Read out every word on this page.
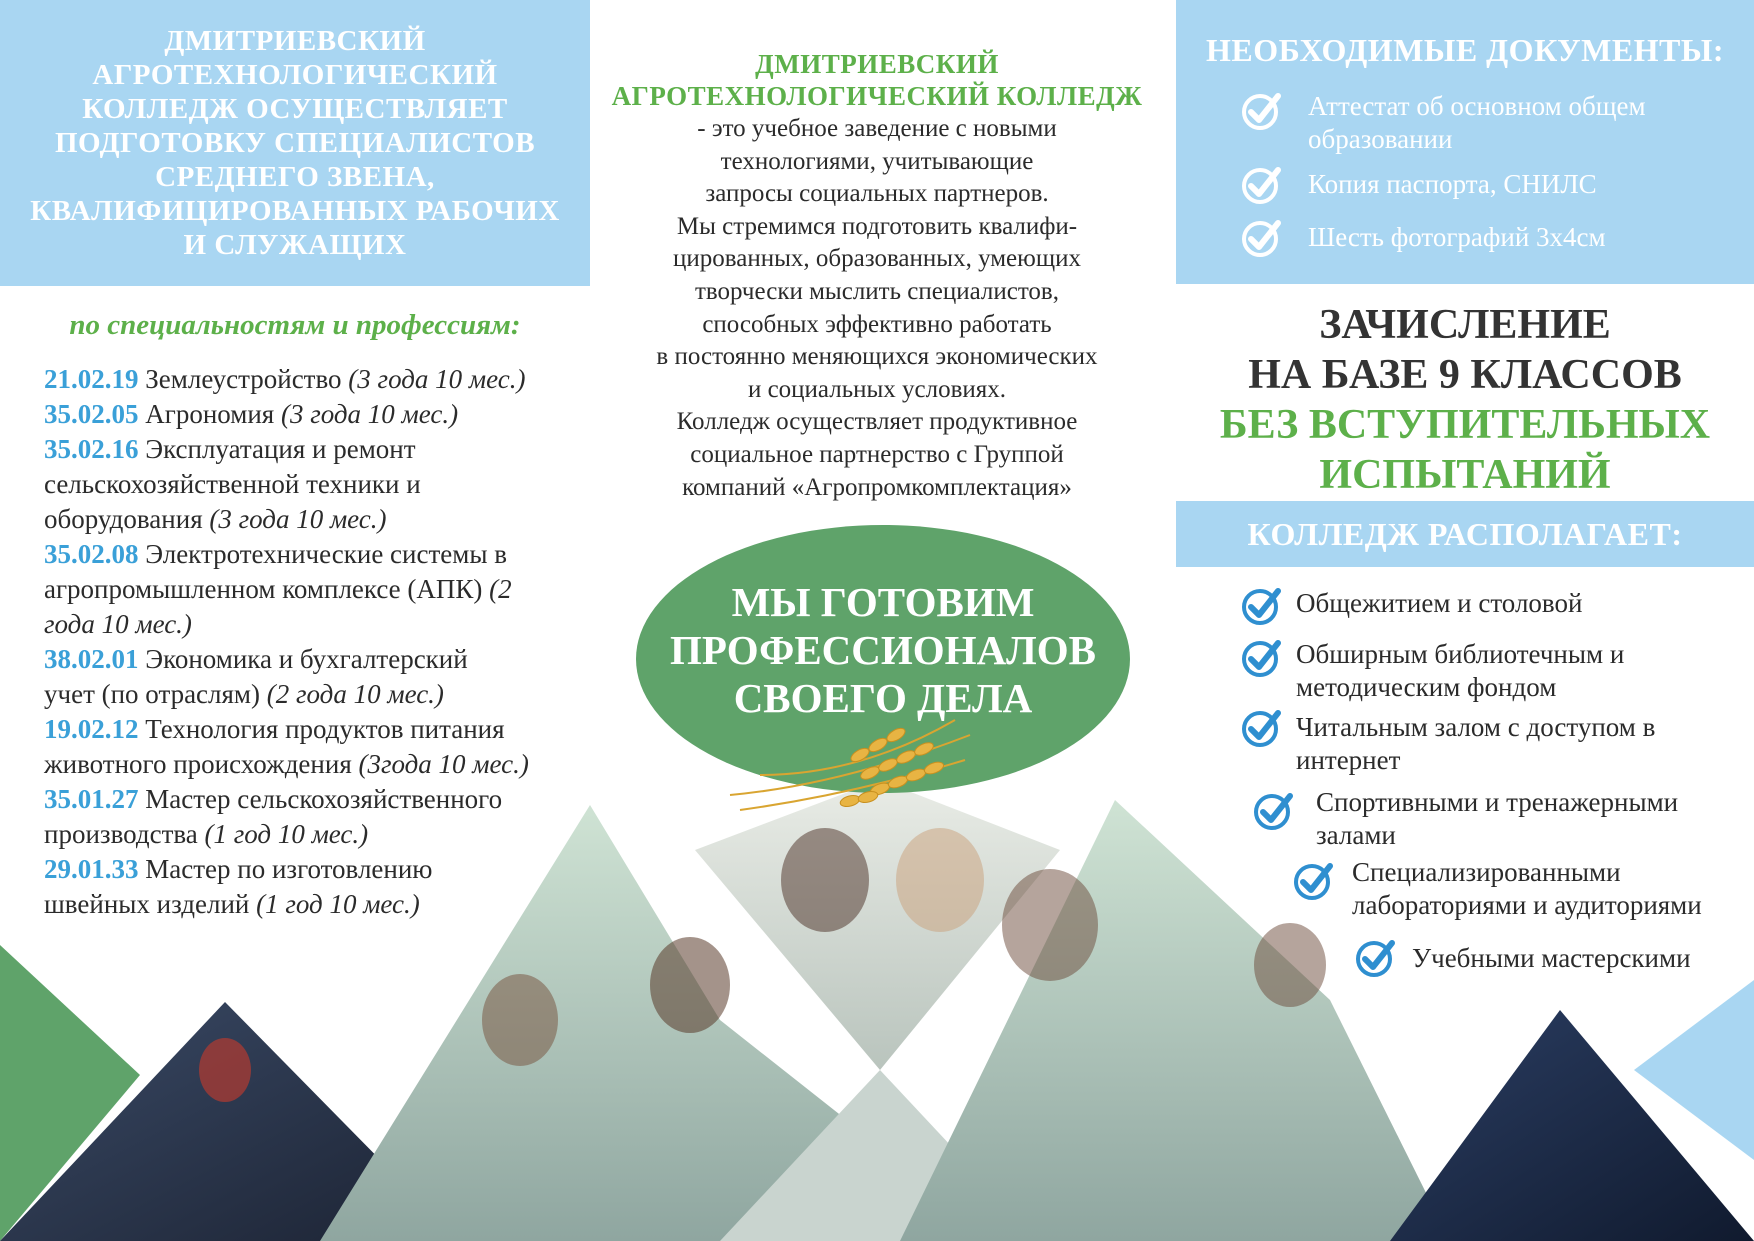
ДМИТРИЕВСКИЙ АГРОТЕХНОЛОГИЧЕСКИЙ КОЛЛЕДЖ ОСУЩЕСТВЛЯЕТ ПОДГОТОВКУ СПЕЦИАЛИСТОВ СРЕДНЕГО ЗВЕНА, КВАЛИФИЦИРОВАННЫХ РАБОЧИХ И СЛУЖАЩИХ
по специальностям и профессиям:
21.02.19 Землеустройство (3 года 10 мес.)
35.02.05 Агрономия (3 года 10 мес.)
35.02.16 Эксплуатация и ремонт сельскохозяйственной техники и оборудования (3 года 10 мес.)
35.02.08 Электротехнические системы в агропромышленном комплексе (АПК) (2 года 10 мес.)
38.02.01 Экономика и бухгалтерский учет (по отраслям) (2 года 10 мес.)
19.02.12 Технология продуктов питания животного происхождения (3года 10 мес.)
35.01.27 Мастер сельскохозяйственного производства (1 год 10 мес.)
29.01.33 Мастер по изготовлению швейных изделий (1 год 10 мес.)
ДМИТРИЕВСКИЙ
АГРОТЕХНОЛОГИЧЕСКИЙ КОЛЛЕДЖ
- это учебное заведение с новыми
технологиями, учитывающие
запросы социальных партнеров.
Мы стремимся подготовить квалифи-
цированных, образованных, умеющих
творчески мыслить специалистов,
способных эффективно работать
в постоянно меняющихся экономических
и социальных условиях.
Колледж осуществляет продуктивное
социальное партнерство с Группой
компаний «Агропромкомплектация»
МЫ ГОТОВИМ
ПРОФЕССИОНАЛОВ
СВОЕГО ДЕЛА
НЕОБХОДИМЫЕ ДОКУМЕНТЫ:
Аттестат об основном общем образовании
Копия паспорта, СНИЛС
Шесть фотографий 3х4см
ЗАЧИСЛЕНИЕ
НА БАЗЕ 9 КЛАССОВ
БЕЗ ВСТУПИТЕЛЬНЫХ
ИСПЫТАНИЙ
КОЛЛЕДЖ РАСПОЛАГАЕТ:
Общежитием и столовой
Обширным библиотечным и методическим фондом
Читальным залом с доступом в интернет
Спортивными и тренажерными залами
Специализированными лабораториями и аудиториями
Учебными мастерскими
